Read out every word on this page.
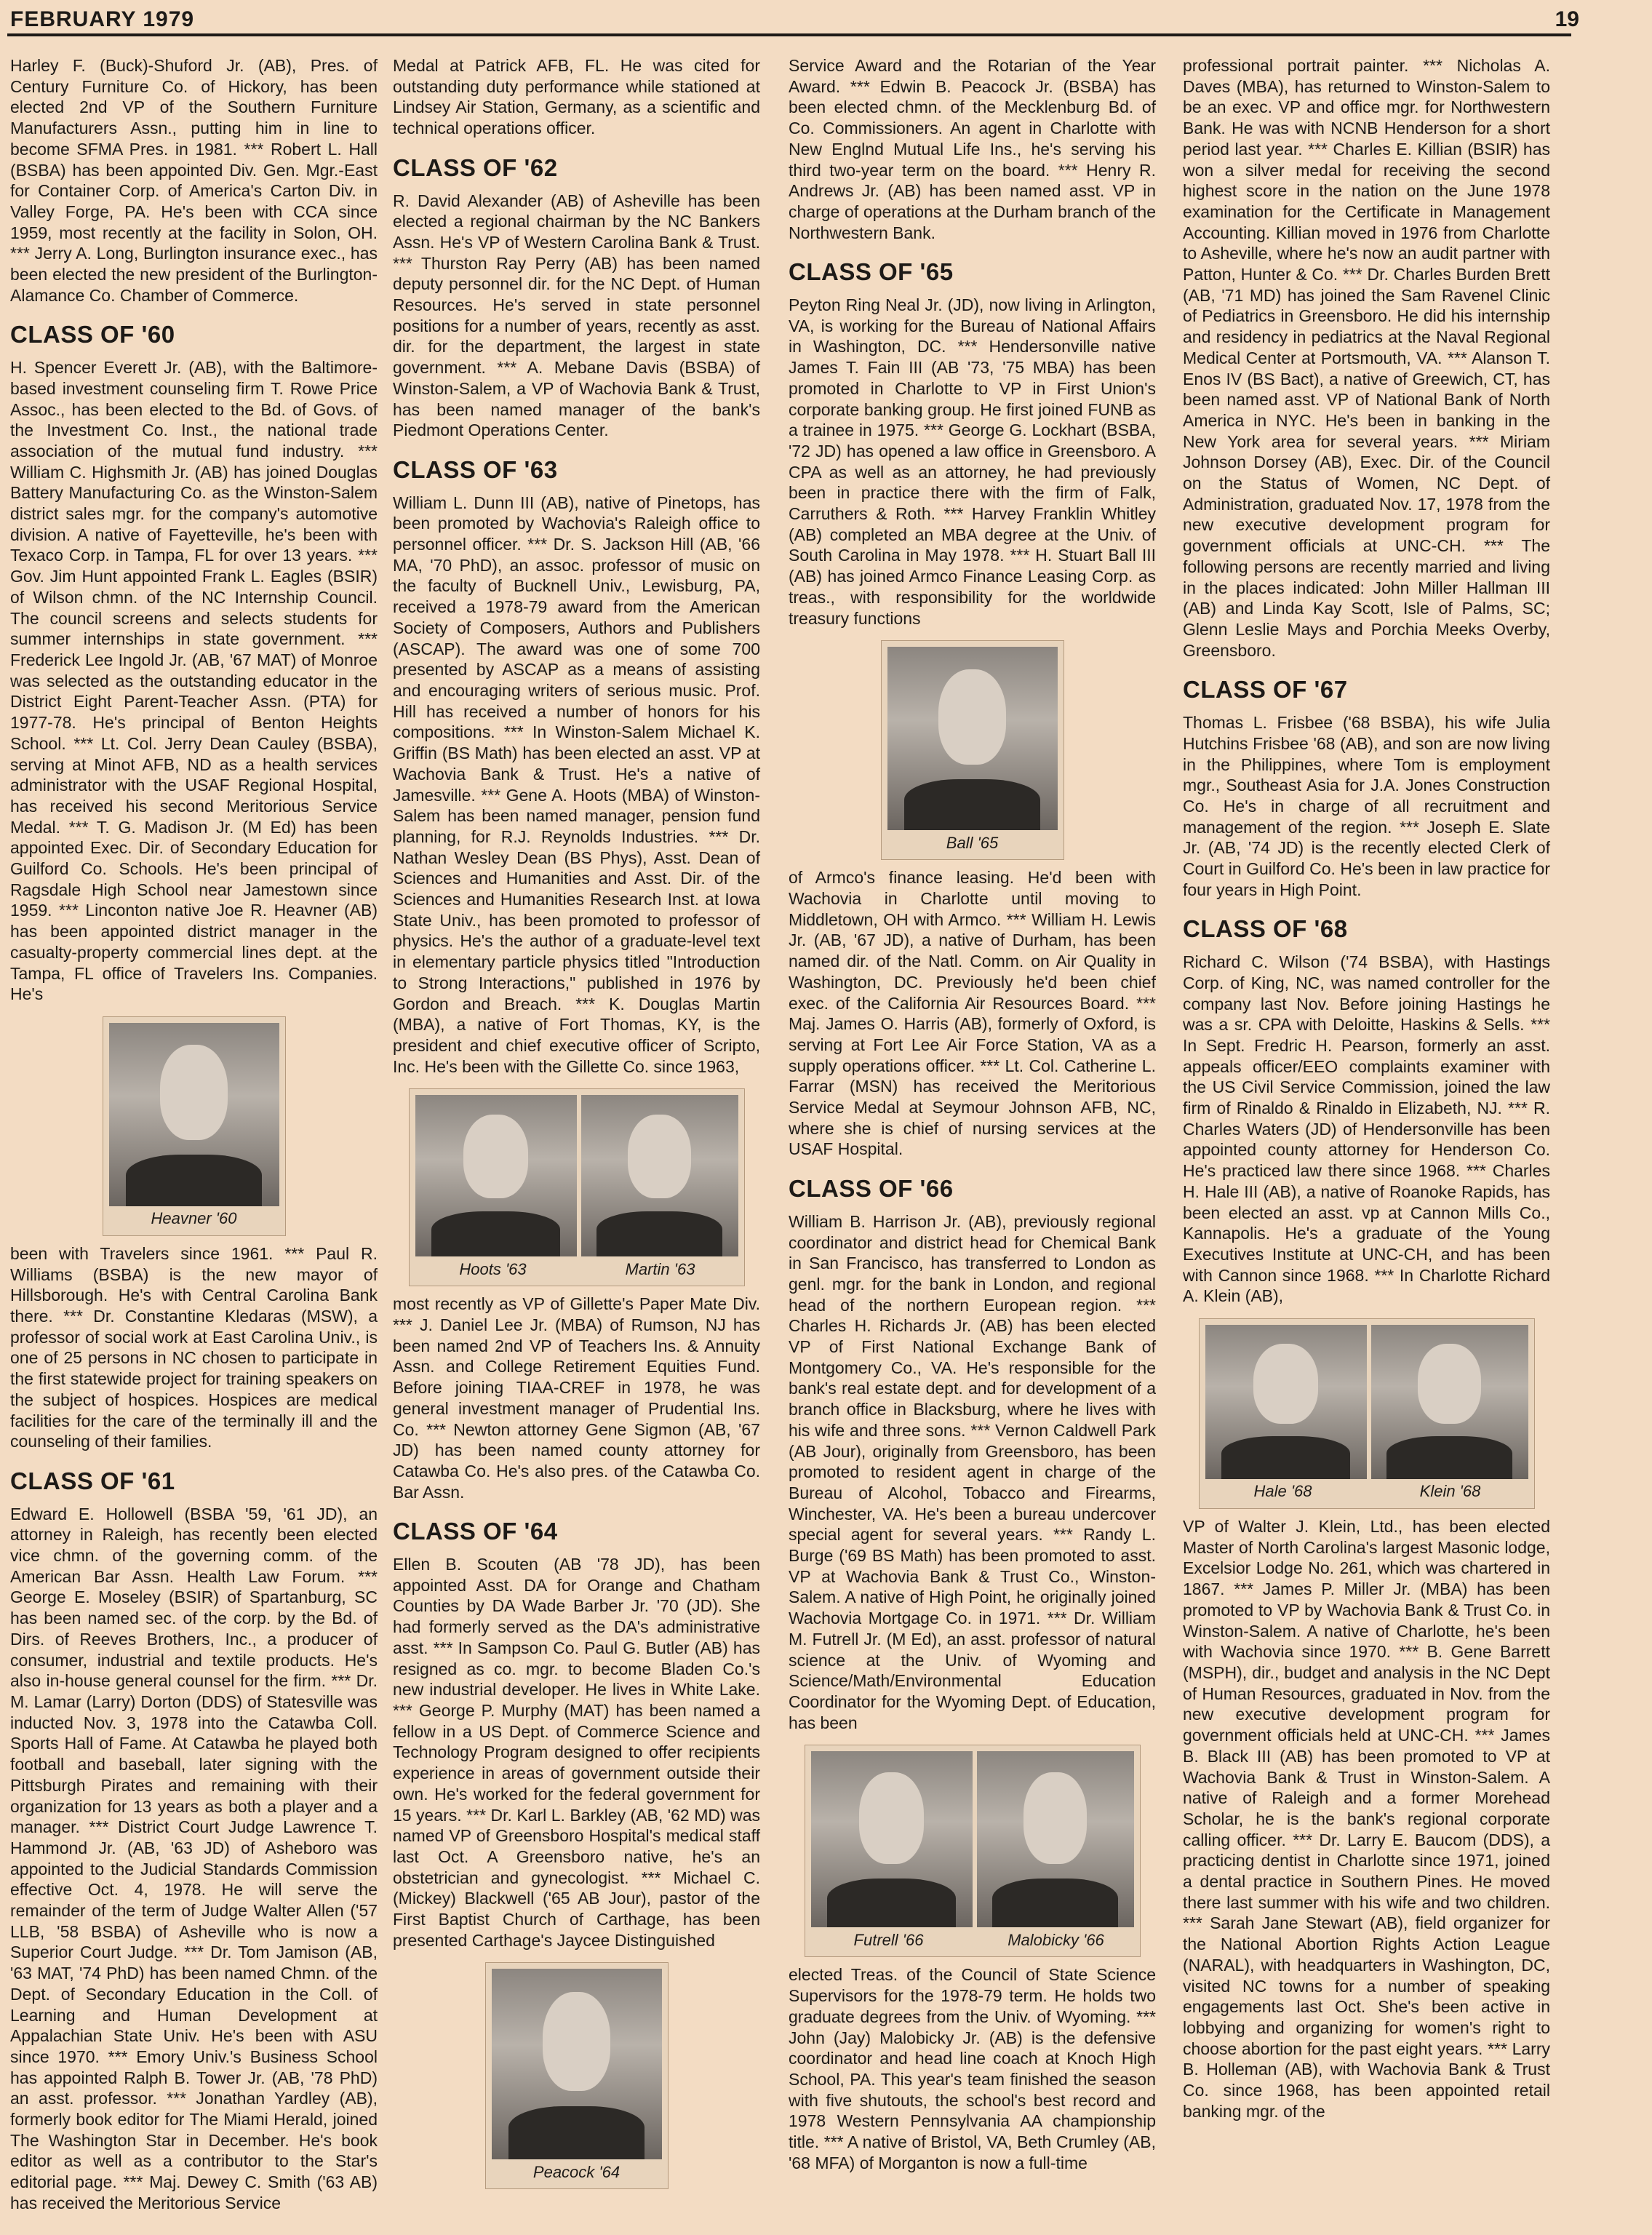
FEBRUARY 1979	19

Harley F. (Buck)-Shuford Jr. (AB), Pres. of Century Furniture Co. of Hickory, has been elected 2nd VP of the Southern Furniture Manufacturers Assn., putting him in line to become SFMA Pres. in 1981. *** Robert L. Hall (BSBA) has been appointed Div. Gen. Mgr.-East for Container Corp. of America's Carton Div. in Valley Forge, PA. He's been with CCA since 1959, most recently at the facility in Solon, OH. *** Jerry A. Long, Burlington insurance exec., has been elected the new president of the Burlington-Alamance Co. Chamber of Commerce.

CLASS OF '60

H. Spencer Everett Jr. (AB), with the Baltimore-based investment counseling firm T. Rowe Price Assoc., has been elected to the Bd. of Govs. of the Investment Co. Inst., the national trade association of the mutual fund industry. *** William C. Highsmith Jr. (AB) has joined Douglas Battery Manufacturing Co. as the Winston-Salem district sales mgr. for the company's automotive division. A native of Fayetteville, he's been with Texaco Corp. in Tampa, FL for over 13 years. *** Gov. Jim Hunt appointed Frank L. Eagles (BSIR) of Wilson chmn. of the NC Internship Council. The council screens and selects students for summer internships in state government. *** Frederick Lee Ingold Jr. (AB, '67 MAT) of Monroe was selected as the outstanding educator in the District Eight Parent-Teacher Assn. (PTA) for 1977-78. He's principal of Benton Heights School. *** Lt. Col. Jerry Dean Cauley (BSBA), serving at Minot AFB, ND as a health services administrator with the USAF Regional Hospital, has received his second Meritorious Service Medal. *** T. G. Madison Jr. (M Ed) has been appointed Exec. Dir. of Secondary Education for Guilford Co. Schools. He's been principal of Ragsdale High School near Jamestown since 1959. *** Linconton native Joe R. Heavner (AB) has been appointed district manager in the casualty-property commercial lines dept. at the Tampa, FL office of Travelers Ins. Companies. He's

Heavner '60

been with Travelers since 1961. *** Paul R. Williams (BSBA) is the new mayor of Hillsborough. He's with Central Carolina Bank there. *** Dr. Constantine Kledaras (MSW), a professor of social work at East Carolina Univ., is one of 25 persons in NC chosen to participate in the first statewide project for training speakers on the subject of hospices. Hospices are medical facilities for the care of the terminally ill and the counseling of their families.

CLASS OF '61

Edward E. Hollowell (BSBA '59, '61 JD), an attorney in Raleigh, has recently been elected vice chmn. of the governing comm. of the American Bar Assn. Health Law Forum. *** George E. Moseley (BSIR) of Spartanburg, SC has been named sec. of the corp. by the Bd. of Dirs. of Reeves Brothers, Inc., a producer of consumer, industrial and textile products. He's also in-house general counsel for the firm. *** Dr. M. Lamar (Larry) Dorton (DDS) of Statesville was inducted Nov. 3, 1978 into the Catawba Coll. Sports Hall of Fame. At Catawba he played both football and baseball, later signing with the Pittsburgh Pirates and remaining with their organization for 13 years as both a player and a manager. *** District Court Judge Lawrence T. Hammond Jr. (AB, '63 JD) of Asheboro was appointed to the Judicial Standards Commission effective Oct. 4, 1978. He will serve the remainder of the term of Judge Walter Allen ('57 LLB, '58 BSBA) of Asheville who is now a Superior Court Judge. *** Dr. Tom Jamison (AB, '63 MAT, '74 PhD) has been named Chmn. of the Dept. of Secondary Education in the Coll. of Learning and Human Development at Appalachian State Univ. He's been with ASU since 1970. *** Emory Univ.'s Business School has appointed Ralph B. Tower Jr. (AB, '78 PhD) an asst. professor. *** Jonathan Yardley (AB), formerly book editor for The Miami Herald, joined The Washington Star in December. He's book editor as well as a contributor to the Star's editorial page. *** Maj. Dewey C. Smith ('63 AB) has received the Meritorious Service

Medal at Patrick AFB, FL. He was cited for outstanding duty performance while stationed at Lindsey Air Station, Germany, as a scientific and technical operations officer.

CLASS OF '62

R. David Alexander (AB) of Asheville has been elected a regional chairman by the NC Bankers Assn. He's VP of Western Carolina Bank & Trust. *** Thurston Ray Perry (AB) has been named deputy personnel dir. for the NC Dept. of Human Resources. He's served in state personnel positions for a number of years, recently as asst. dir. for the department, the largest in state government. *** A. Mebane Davis (BSBA) of Winston-Salem, a VP of Wachovia Bank & Trust, has been named manager of the bank's Piedmont Operations Center.

CLASS OF '63

William L. Dunn III (AB), native of Pinetops, has been promoted by Wachovia's Raleigh office to personnel officer. *** Dr. S. Jackson Hill (AB, '66 MA, '70 PhD), an assoc. professor of music on the faculty of Bucknell Univ., Lewisburg, PA, received a 1978-79 award from the American Society of Composers, Authors and Publishers (ASCAP). The award was one of some 700 presented by ASCAP as a means of assisting and encouraging writers of serious music. Prof. Hill has received a number of honors for his compositions. *** In Winston-Salem Michael K. Griffin (BS Math) has been elected an asst. VP at Wachovia Bank & Trust. He's a native of Jamesville. *** Gene A. Hoots (MBA) of Winston-Salem has been named manager, pension fund planning, for R.J. Reynolds Industries. *** Dr. Nathan Wesley Dean (BS Phys), Asst. Dean of Sciences and Humanities and Asst. Dir. of the Sciences and Humanities Research Inst. at Iowa State Univ., has been promoted to professor of physics. He's the author of a graduate-level text in elementary particle physics titled "Introduction to Strong Interactions," published in 1976 by Gordon and Breach. *** K. Douglas Martin (MBA), a native of Fort Thomas, KY, is the president and chief executive officer of Scripto, Inc. He's been with the Gillette Co. since 1963,

Hoots '63	Martin '63

most recently as VP of Gillette's Paper Mate Div. *** J. Daniel Lee Jr. (MBA) of Rumson, NJ has been named 2nd VP of Teachers Ins. & Annuity Assn. and College Retirement Equities Fund. Before joining TIAA-CREF in 1978, he was general investment manager of Prudential Ins. Co. *** Newton attorney Gene Sigmon (AB, '67 JD) has been named county attorney for Catawba Co. He's also pres. of the Catawba Co. Bar Assn.

CLASS OF '64

Ellen B. Scouten (AB '78 JD), has been appointed Asst. DA for Orange and Chatham Counties by DA Wade Barber Jr. '70 (JD). She had formerly served as the DA's administrative asst. *** In Sampson Co. Paul G. Butler (AB) has resigned as co. mgr. to become Bladen Co.'s new industrial developer. He lives in White Lake. *** George P. Murphy (MAT) has been named a fellow in a US Dept. of Commerce Science and Technology Program designed to offer recipients experience in areas of government outside their own. He's worked for the federal government for 15 years. *** Dr. Karl L. Barkley (AB, '62 MD) was named VP of Greensboro Hospital's medical staff last Oct. A Greensboro native, he's an obstetrician and gynecologist. *** Michael C. (Mickey) Blackwell ('65 AB Jour), pastor of the First Baptist Church of Carthage, has been presented Carthage's Jaycee Distinguished

Peacock '64

Service Award and the Rotarian of the Year Award. *** Edwin B. Peacock Jr. (BSBA) has been elected chmn. of the Mecklenburg Bd. of Co. Commissioners. An agent in Charlotte with New Englnd Mutual Life Ins., he's serving his third two-year term on the board. *** Henry R. Andrews Jr. (AB) has been named asst. VP in charge of operations at the Durham branch of the Northwestern Bank.

CLASS OF '65

Peyton Ring Neal Jr. (JD), now living in Arlington, VA, is working for the Bureau of National Affairs in Washington, DC. *** Hendersonville native James T. Fain III (AB '73, '75 MBA) has been promoted in Charlotte to VP in First Union's corporate banking group. He first joined FUNB as a trainee in 1975. *** George G. Lockhart (BSBA, '72 JD) has opened a law office in Greensboro. A CPA as well as an attorney, he had previously been in practice there with the firm of Falk, Carruthers & Roth. *** Harvey Franklin Whitley (AB) completed an MBA degree at the Univ. of South Carolina in May 1978. *** H. Stuart Ball III (AB) has joined Armco Finance Leasing Corp. as treas., with responsibility for the worldwide treasury functions

Ball '65

of Armco's finance leasing. He'd been with Wachovia in Charlotte until moving to Middletown, OH with Armco. *** William H. Lewis Jr. (AB, '67 JD), a native of Durham, has been named dir. of the Natl. Comm. on Air Quality in Washington, DC. Previously he'd been chief exec. of the California Air Resources Board. *** Maj. James O. Harris (AB), formerly of Oxford, is serving at Fort Lee Air Force Station, VA as a supply operations officer. *** Lt. Col. Catherine L. Farrar (MSN) has received the Meritorious Service Medal at Seymour Johnson AFB, NC, where she is chief of nursing services at the USAF Hospital.

CLASS OF '66

William B. Harrison Jr. (AB), previously regional coordinator and district head for Chemical Bank in San Francisco, has transferred to London as genl. mgr. for the bank in London, and regional head of the northern European region. *** Charles H. Richards Jr. (AB) has been elected VP of First National Exchange Bank of Montgomery Co., VA. He's responsible for the bank's real estate dept. and for development of a branch office in Blacksburg, where he lives with his wife and three sons. *** Vernon Caldwell Park (AB Jour), originally from Greensboro, has been promoted to resident agent in charge of the Bureau of Alcohol, Tobacco and Firearms, Winchester, VA. He's been a bureau undercover special agent for several years. *** Randy L. Burge ('69 BS Math) has been promoted to asst. VP at Wachovia Bank & Trust Co., Winston-Salem. A native of High Point, he originally joined Wachovia Mortgage Co. in 1971. *** Dr. William M. Futrell Jr. (M Ed), an asst. professor of natural science at the Univ. of Wyoming and Science/Math/Environmental Education Coordinator for the Wyoming Dept. of Education, has been

Futrell '66	Malobicky '66

elected Treas. of the Council of State Science Supervisors for the 1978-79 term. He holds two graduate degrees from the Univ. of Wyoming. *** John (Jay) Malobicky Jr. (AB) is the defensive coordinator and head line coach at Knoch High School, PA. This year's team finished the season with five shutouts, the school's best record and 1978 Western Pennsylvania AA championship title. *** A native of Bristol, VA, Beth Crumley (AB, '68 MFA) of Morganton is now a full-time

professional portrait painter. *** Nicholas A. Daves (MBA), has returned to Winston-Salem to be an exec. VP and office mgr. for Northwestern Bank. He was with NCNB Henderson for a short period last year. *** Charles E. Killian (BSIR) has won a silver medal for receiving the second highest score in the nation on the June 1978 examination for the Certificate in Management Accounting. Killian moved in 1976 from Charlotte to Asheville, where he's now an audit partner with Patton, Hunter & Co. *** Dr. Charles Burden Brett (AB, '71 MD) has joined the Sam Ravenel Clinic of Pediatrics in Greensboro. He did his internship and residency in pediatrics at the Naval Regional Medical Center at Portsmouth, VA. *** Alanson T. Enos IV (BS Bact), a native of Greewich, CT, has been named asst. VP of National Bank of North America in NYC. He's been in banking in the New York area for several years. *** Miriam Johnson Dorsey (AB), Exec. Dir. of the Council on the Status of Women, NC Dept. of Administration, graduated Nov. 17, 1978 from the new executive development program for government officials at UNC-CH. *** The following persons are recently married and living in the places indicated: John Miller Hallman III (AB) and Linda Kay Scott, Isle of Palms, SC; Glenn Leslie Mays and Porchia Meeks Overby, Greensboro.

CLASS OF '67

Thomas L. Frisbee ('68 BSBA), his wife Julia Hutchins Frisbee '68 (AB), and son are now living in the Philippines, where Tom is employment mgr., Southeast Asia for J.A. Jones Construction Co. He's in charge of all recruitment and management of the region. *** Joseph E. Slate Jr. (AB, '74 JD) is the recently elected Clerk of Court in Guilford Co. He's been in law practice for four years in High Point.

CLASS OF '68

Richard C. Wilson ('74 BSBA), with Hastings Corp. of King, NC, was named controller for the company last Nov. Before joining Hastings he was a sr. CPA with Deloitte, Haskins & Sells. *** In Sept. Fredric H. Pearson, formerly an asst. appeals officer/EEO complaints examiner with the US Civil Service Commission, joined the law firm of Rinaldo & Rinaldo in Elizabeth, NJ. *** R. Charles Waters (JD) of Hendersonville has been appointed county attorney for Henderson Co. He's practiced law there since 1968. *** Charles H. Hale III (AB), a native of Roanoke Rapids, has been elected an asst. vp at Cannon Mills Co., Kannapolis. He's a graduate of the Young Executives Institute at UNC-CH, and has been with Cannon since 1968. *** In Charlotte Richard A. Klein (AB),

Hale '68	Klein '68

VP of Walter J. Klein, Ltd., has been elected Master of North Carolina's largest Masonic lodge, Excelsior Lodge No. 261, which was chartered in 1867. *** James P. Miller Jr. (MBA) has been promoted to VP by Wachovia Bank & Trust Co. in Winston-Salem. A native of Charlotte, he's been with Wachovia since 1970. *** B. Gene Barrett (MSPH), dir., budget and analysis in the NC Dept of Human Resources, graduated in Nov. from the new executive development program for government officials held at UNC-CH. *** James B. Black III (AB) has been promoted to VP at Wachovia Bank & Trust in Winston-Salem. A native of Raleigh and a former Morehead Scholar, he is the bank's regional corporate calling officer. *** Dr. Larry E. Baucom (DDS), a practicing dentist in Charlotte since 1971, joined a dental practice in Southern Pines. He moved there last summer with his wife and two children. *** Sarah Jane Stewart (AB), field organizer for the National Abortion Rights Action League (NARAL), with headquarters in Washington, DC, visited NC towns for a number of speaking engagements last Oct. She's been active in lobbying and organizing for women's right to choose abortion for the past eight years. *** Larry B. Holleman (AB), with Wachovia Bank & Trust Co. since 1968, has been appointed retail banking mgr. of the
